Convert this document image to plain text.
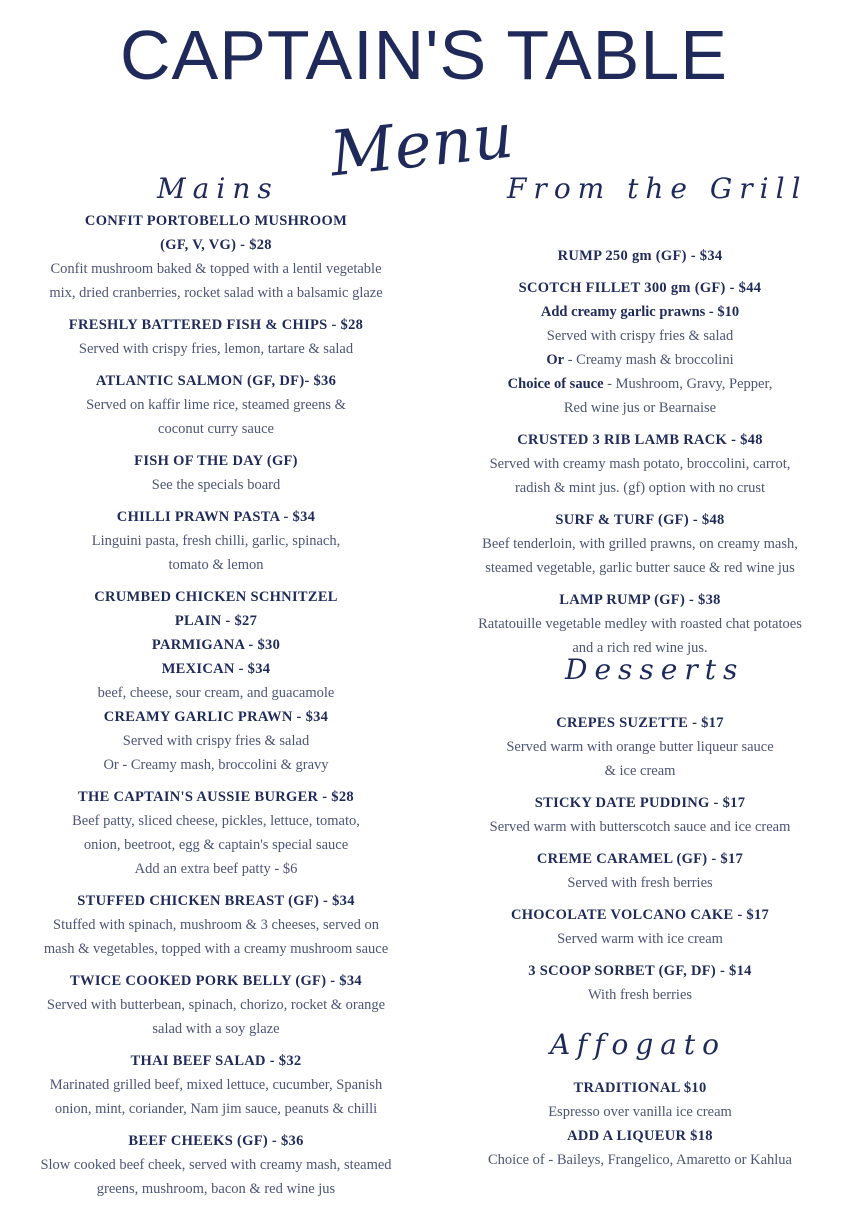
CAPTAIN'S TABLE
Menu
Mains	From the Grill
CONFIT PORTOBELLO MUSHROOM
(GF, V, VG) - $28
Confit mushroom baked & topped with a lentil vegetable
mix, dried cranberries, rocket salad with a balsamic glaze
FRESHLY BATTERED FISH & CHIPS - $28
Served with crispy fries, lemon, tartare & salad
ATLANTIC SALMON (GF, DF)- $36
Served on kaffir lime rice, steamed greens &
coconut curry sauce
FISH OF THE DAY (GF)
See the specials board
CHILLI PRAWN PASTA - $34
Linguini pasta, fresh chilli, garlic, spinach,
tomato & lemon
CRUMBED CHICKEN SCHNITZEL
PLAIN - $27
PARMIGANA - $30
MEXICAN - $34
beef, cheese, sour cream, and guacamole
CREAMY GARLIC PRAWN - $34
Served with crispy fries & salad
Or - Creamy mash, broccolini & gravy
THE CAPTAIN'S AUSSIE BURGER - $28
Beef patty, sliced cheese, pickles, lettuce, tomato,
onion, beetroot, egg & captain's special sauce
Add an extra beef patty - $6
STUFFED CHICKEN BREAST (GF) - $34
Stuffed with spinach, mushroom & 3 cheeses, served on
mash & vegetables, topped with a creamy mushroom sauce
TWICE COOKED PORK BELLY (GF) - $34
Served with butterbean, spinach, chorizo, rocket & orange
salad with a soy glaze
THAI BEEF SALAD - $32
Marinated grilled beef, mixed lettuce, cucumber, Spanish
onion, mint, coriander, Nam jim sauce, peanuts & chilli
BEEF CHEEKS (GF) - $36
Slow cooked beef cheek, served with creamy mash, steamed
greens, mushroom, bacon & red wine jus
RUMP 250 gm (GF) - $34
SCOTCH FILLET 300 gm (GF) - $44
Add creamy garlic prawns - $10
Served with crispy fries & salad
Or - Creamy mash & broccolini
Choice of sauce - Mushroom, Gravy, Pepper,
Red wine jus or Bearnaise
CRUSTED 3 RIB LAMB RACK - $48
Served with creamy mash potato, broccolini, carrot,
radish & mint jus. (gf) option with no crust
SURF & TURF (GF) - $48
Beef tenderloin, with grilled prawns, on creamy mash,
steamed vegetable, garlic butter sauce & red wine jus
LAMP RUMP (GF) - $38
Ratatouille vegetable medley with roasted chat potatoes
and a rich red wine jus.
Desserts
CREPES SUZETTE - $17
Served warm with orange butter liqueur sauce
& ice cream
STICKY DATE PUDDING - $17
Served warm with butterscotch sauce and ice cream
CREME CARAMEL (GF) - $17
Served with fresh berries
CHOCOLATE VOLCANO CAKE - $17
Served warm with ice cream
3 SCOOP SORBET (GF, DF) - $14
With fresh berries
Affogato
TRADITIONAL $10
Espresso over vanilla ice cream
ADD A LIQUEUR $18
Choice of - Baileys, Frangelico, Amaretto or Kahlua
